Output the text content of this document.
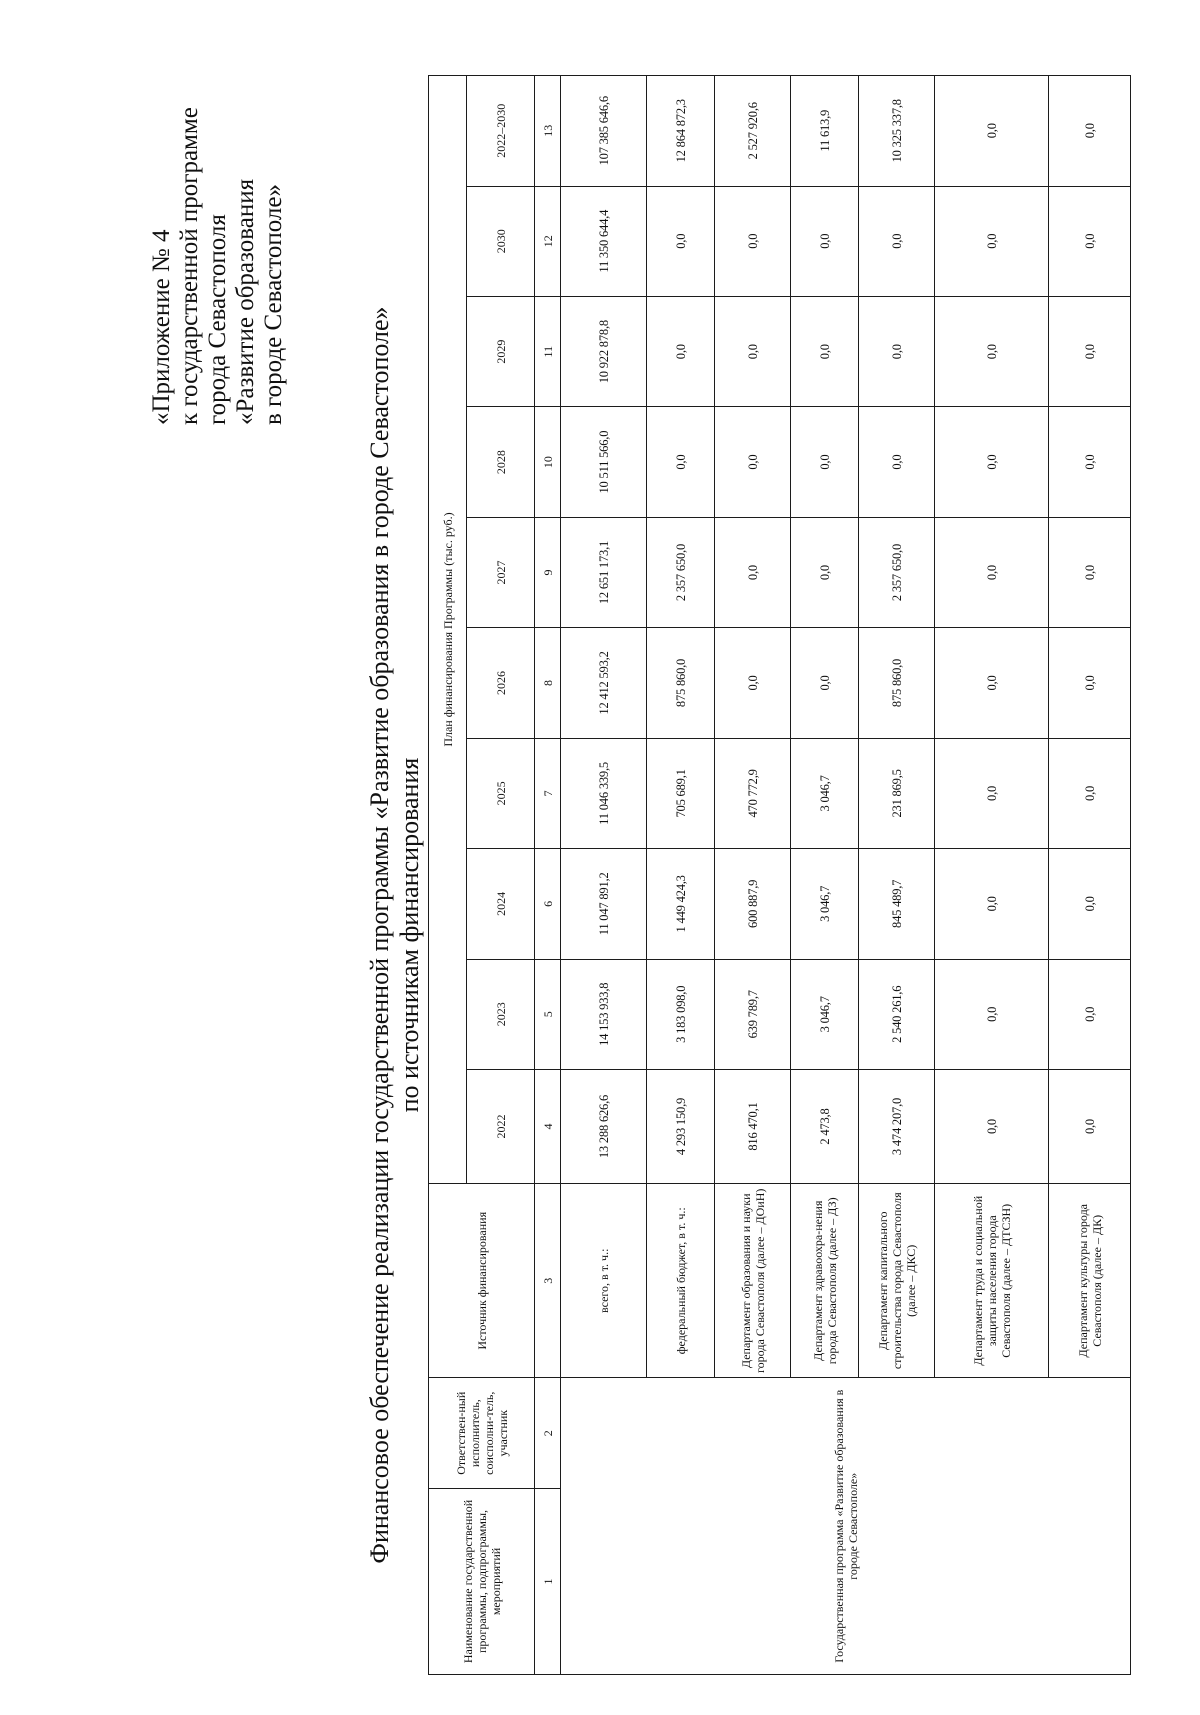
«Приложение № 4 к государственной программе города Севастополя «Развитие образования в городе Севастополе»
Финансовое обеспечение реализации государственной программы «Развитие образования в городе Севастополе» по источникам финансирования
Наименование государственной программы, подпрограммы, мероприятий	Ответствен-ный исполнитель, соисполни-тель, участник	Источник финансирования	План финансирования Программы (тыс. руб.)									
			2022	2023	2024	2025	2026	2027	2028	2029	2030	2022–2030
1	2	3	4	5	6	7	8	9	10	11	12	13
Государственная программа «Развитие образования в городе Севастополе»		всего, в т. ч.:	13 288 626,6	14 153 933,8	11 047 891,2	11 046 339,5	12 412 593,2	12 651 173,1	10 511 566,0	10 922 878,8	11 350 644,4	107 385 646,6
		федеральный бюджет, в т. ч.:	4 293 150,9	3 183 098,0	1 449 424,3	705 689,1	875 860,0	2 357 650,0	0,0	0,0	0,0	12 864 872,3
		Департамент образования и науки города Севастополя (далее – ДОиН)	816 470,1	639 789,7	600 887,9	470 772,9	0,0	0,0	0,0	0,0	0,0	2 527 920,6
		Департамент здравоохра-нения города Севастополя (далее – ДЗ)	2 473,8	3 046,7	3 046,7	3 046,7	0,0	0,0	0,0	0,0	0,0	11 613,9
		Департамент капитального строительства города Севастополя (далее – ДКС)	3 474 207,0	2 540 261,6	845 489,7	231 869,5	875 860,0	2 357 650,0	0,0	0,0	0,0	10 325 337,8
		Департамент труда и социальной защиты населения города Севастополя (далее – ДТСЗН)	0,0	0,0	0,0	0,0	0,0	0,0	0,0	0,0	0,0	0,0
		Департамент культуры города Севастополя (далее – ДК)	0,0	0,0	0,0	0,0	0,0	0,0	0,0	0,0	0,0	0,0
